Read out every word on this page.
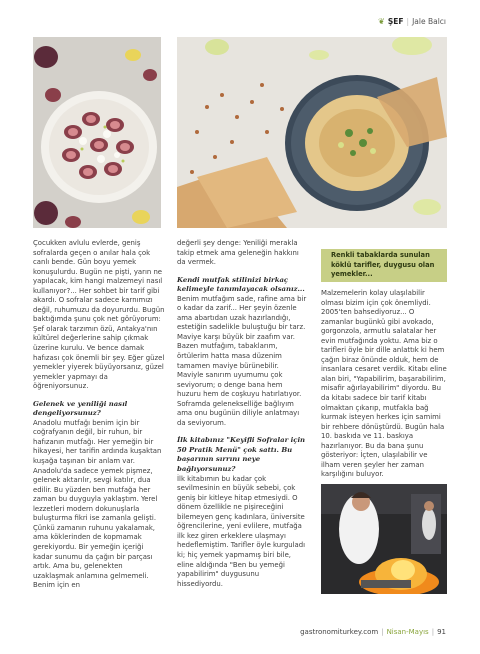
❦ ŞEF | Jale Balcı

Çocukken avlulu evlerde, geniş sofralarda geçen o anılar hala çok canlı bende. Gün boyu yemek konuşulurdu. Bugün ne pişti, yarın ne yapılacak, kim hangi malzemeyi nasıl kullanıyor?... Her sohbet bir tarif gibi akardı. O sofralar sadece karnımızı değil, ruhumuzu da doyururdu. Bugün baktığımda şunu çok net görüyorum: Şef olarak tarzımın özü, Antakya'nın kültürel değerlerine sahip çıkmak üzerine kurulu. Ve bence damak hafızası çok önemli bir şey. Eğer güzel yemekler yiyerek büyüyorsanız, güzel yemekler yapmayı da öğreniyorsunuz.

Gelenek ve yeniliği nasıl dengeliyorsunuz?

Anadolu mutfağı benim için bir coğrafyanın değil, bir ruhun, bir hafızanın mutfağı. Her yemeğin bir hikayesi, her tarifin ardında kuşaktan kuşağa taşınan bir anlam var. Anadolu'da sadece yemek pişmez, gelenek aktarılır, sevgi katılır, dua edilir. Bu yüzden ben mutfağa her zaman bu duyguyla yaklaştım. Yerel lezzetleri modern dokunuşlarla buluşturma fikri ise zamanla gelişti. Çünkü zamanın ruhunu yakalamak, ama köklerinden de kopmamak gerekiyordu. Bir yemeğin içeriği kadar sunumu da çağın bir parçası artık. Ama bu, gelenekten uzaklaşmak anlamına gelmemeli. Benim için en

değerli şey denge: Yeniliği merakla takip etmek ama geleneğin hakkını da vermek.

Kendi mutfak stilinizi birkaç kelimeyle tanımlayacak olsanız...

Benim mutfağım sade, rafine ama bir o kadar da zarif... Her şeyin özenle ama abartıdan uzak hazırlandığı, estetiğin sadelikle buluştuğu bir tarz. Maviye karşı büyük bir zaafım var. Bazen mutfağım, tabaklarım, örtülerim hatta masa düzenim tamamen maviye bürünebilir. Maviyle sanırım uyumumu çok seviyorum; o denge bana hem huzuru hem de coşkuyu hatırlatıyor. Soframda gelenekselliğe bağlıyım ama onu bugünün diliyle anlatmayı da seviyorum.

İlk kitabınız "Keyifli Sofralar için 50 Pratik Menü" çok sattı. Bu başarının sırrını neye bağlıyorsunuz?

İlk kitabımın bu kadar çok sevilmesinin en büyük sebebi, çok geniş bir kitleye hitap etmesiydi. O dönem özellikle ne pişireceğini bilemeyen genç kadınlara, üniversite öğrencilerine, yeni evlilere, mutfağa ilk kez giren erkeklere ulaşmayı hedeflemiştim. Tarifler öyle kurguladı ki; hiç yemek yapmamış biri bile, eline aldığında "Ben bu yemeği yapabilirim" duygusunu hissediyordu.

Renkli tabaklarda sunulan köklü tarifler, duygusu olan yemekler...

Malzemelerin kolay ulaşılabilir olması bizim için çok önemliydi. 2005'ten bahsediyoruz... O zamanlar bugünkü gibi avokado, gorgonzola, armutlu salatalar her evin mutfağında yoktu. Ama biz o tarifleri öyle bir dille anlattık ki hem çağın biraz önünde olduk, hem de insanlara cesaret verdik. Kitabı eline alan biri, "Yapabilirim, başarabilirim, misafir ağırlayabilirim" diyordu. Bu da kitabı sadece bir tarif kitabı olmaktan çıkarıp, mutfakla bağ kurmak isteyen herkes için samimi bir rehbere dönüştürdü. Bugün hala 10. baskıda ve 11. baskıya hazırlanıyor. Bu da bana şunu gösteriyor: İçten, ulaşılabilir ve ilham veren şeyler her zaman karşılığını buluyor.

gastronomiturkey.com | Nisan-Mayıs | 91
